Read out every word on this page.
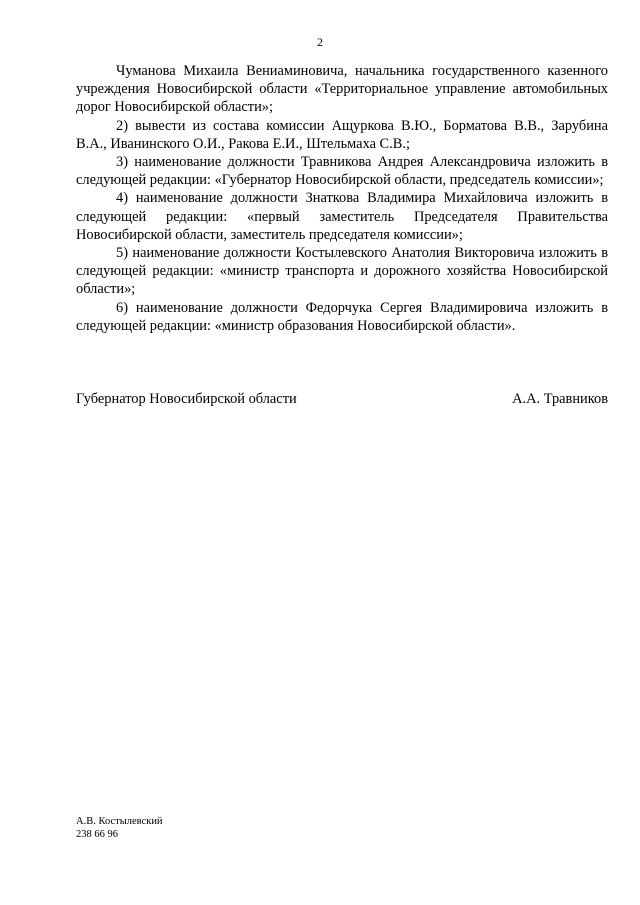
2

Чуманова Михаила Вениаминовича, начальника государственного казенного учреждения Новосибирской области «Территориальное управление автомобильных дорог Новосибирской области»;

2) вывести из состава комиссии Ащуркова В.Ю., Борматова В.В., Зарубина В.А., Иванинского О.И., Ракова Е.И., Штельмаха С.В.;

3) наименование должности Травникова Андрея Александровича изложить в следующей редакции: «Губернатор Новосибирской области, председатель комиссии»;

4) наименование должности Знаткова Владимира Михайловича изложить в следующей редакции: «первый заместитель Председателя Правительства Новосибирской области, заместитель председателя комиссии»;

5) наименование должности Костылевского Анатолия Викторовича изложить в следующей редакции: «министр транспорта и дорожного хозяйства Новосибирской области»;

6) наименование должности Федорчука Сергея Владимировича изложить в следующей редакции: «министр образования Новосибирской области».

Губернатор Новосибирской области	А.А. Травников
А.В. Костылевский
238 66 96
